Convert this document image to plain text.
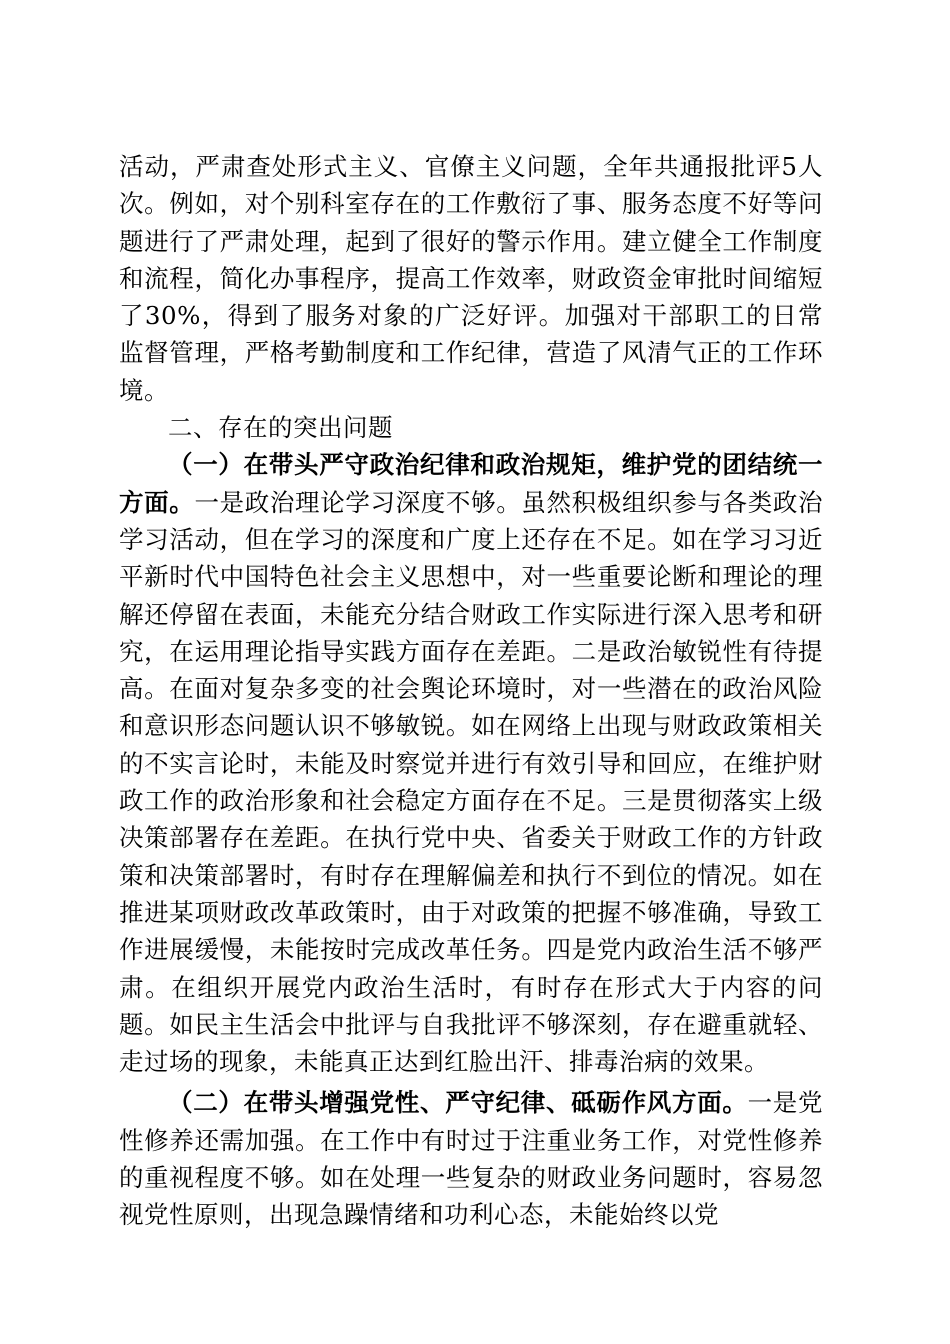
活动，严肃查处形式主义、官僚主义问题，全年共通报批评5人次。例如，对个别科室存在的工作敷衍了事、服务态度不好等问题进行了严肃处理，起到了很好的警示作用。建立健全工作制度和流程，简化办事程序，提高工作效率，财政资金审批时间缩短了30%，得到了服务对象的广泛好评。加强对干部职工的日常监督管理，严格考勤制度和工作纪律，营造了风清气正的工作环境。

二、存在的突出问题

（一）在带头严守政治纪律和政治规矩，维护党的团结统一方面。一是政治理论学习深度不够。虽然积极组织参与各类政治学习活动，但在学习的深度和广度上还存在不足。如在学习习近平新时代中国特色社会主义思想中，对一些重要论断和理论的理解还停留在表面，未能充分结合财政工作实际进行深入思考和研究，在运用理论指导实践方面存在差距。二是政治敏锐性有待提高。在面对复杂多变的社会舆论环境时，对一些潜在的政治风险和意识形态问题认识不够敏锐。如在网络上出现与财政政策相关的不实言论时，未能及时察觉并进行有效引导和回应，在维护财政工作的政治形象和社会稳定方面存在不足。三是贯彻落实上级决策部署存在差距。在执行党中央、省委关于财政工作的方针政策和决策部署时，有时存在理解偏差和执行不到位的情况。如在推进某项财政改革政策时，由于对政策的把握不够准确，导致工作进展缓慢，未能按时完成改革任务。四是党内政治生活不够严肃。在组织开展党内政治生活时，有时存在形式大于内容的问题。如民主生活会中批评与自我批评不够深刻，存在避重就轻、走过场的现象，未能真正达到红脸出汗、排毒治病的效果。

（二）在带头增强党性、严守纪律、砥砺作风方面。一是党性修养还需加强。在工作中有时过于注重业务工作，对党性修养的重视程度不够。如在处理一些复杂的财政业务问题时，容易忽视党性原则，出现急躁情绪和功利心态，未能始终以党
